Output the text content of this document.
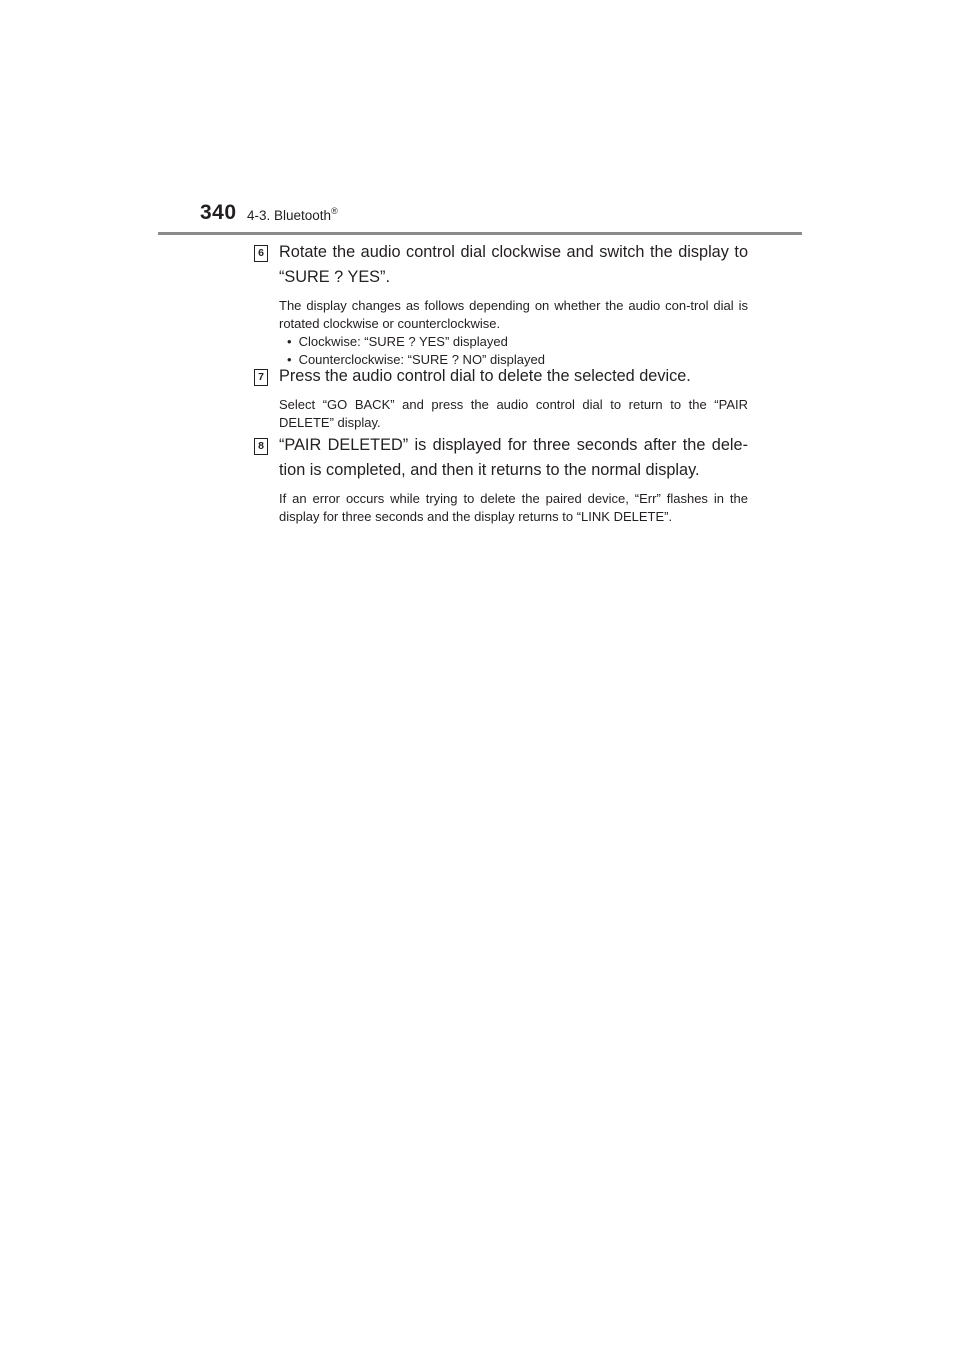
340 4-3. Bluetooth®
6 Rotate the audio control dial clockwise and switch the display to “SURE ? YES”.
The display changes as follows depending on whether the audio con-trol dial is rotated clockwise or counterclockwise.
• Clockwise: “SURE ? YES” displayed
• Counterclockwise: “SURE ? NO” displayed
7 Press the audio control dial to delete the selected device.
Select “GO BACK” and press the audio control dial to return to the “PAIR DELETE” display.
8 “PAIR DELETED” is displayed for three seconds after the dele-tion is completed, and then it returns to the normal display.
If an error occurs while trying to delete the paired device, “Err” flashes in the display for three seconds and the display returns to “LINK DELETE”.
